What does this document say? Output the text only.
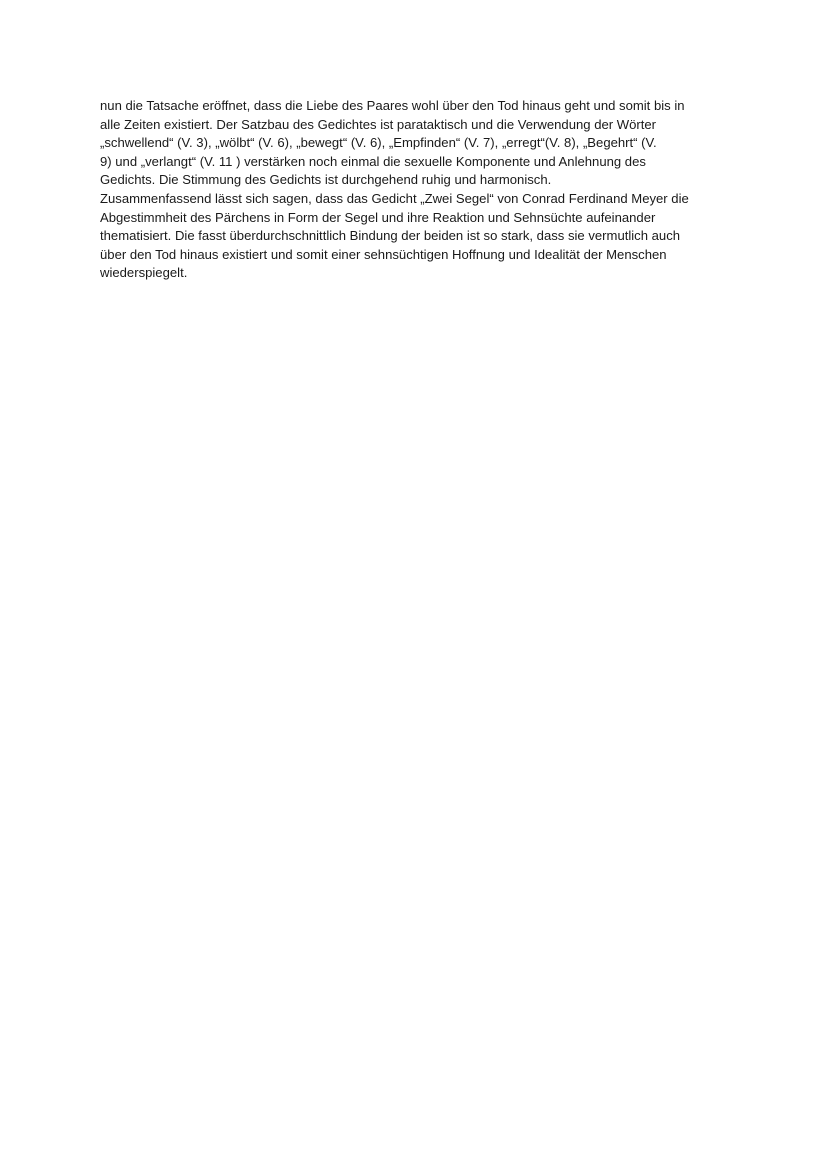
nun die Tatsache eröffnet, dass die Liebe des Paares wohl über den Tod hinaus geht und somit bis in
alle Zeiten existiert. Der Satzbau des Gedichtes ist parataktisch und die Verwendung der Wörter
„schwellend“ (V. 3), „wölbt“ (V. 6), „bewegt“ (V. 6), „Empfinden“ (V. 7), „erregt“(V. 8), „Begehrt“ (V.
9) und „verlangt“ (V. 11 ) verstärken noch einmal die sexuelle Komponente und Anlehnung des
Gedichts. Die Stimmung des Gedichts ist durchgehend ruhig und harmonisch.
Zusammenfassend lässt sich sagen, dass das Gedicht „Zwei Segel“ von Conrad Ferdinand Meyer die
Abgestimmheit des Pärchens in Form der Segel und ihre Reaktion und Sehnsüchte aufeinander
thematisiert. Die fasst überdurchschnittlich Bindung der beiden ist so stark, dass sie vermutlich auch
über den Tod hinaus existiert und somit einer sehnsüchtigen Hoffnung und Idealität der Menschen
wiederspiegelt.
